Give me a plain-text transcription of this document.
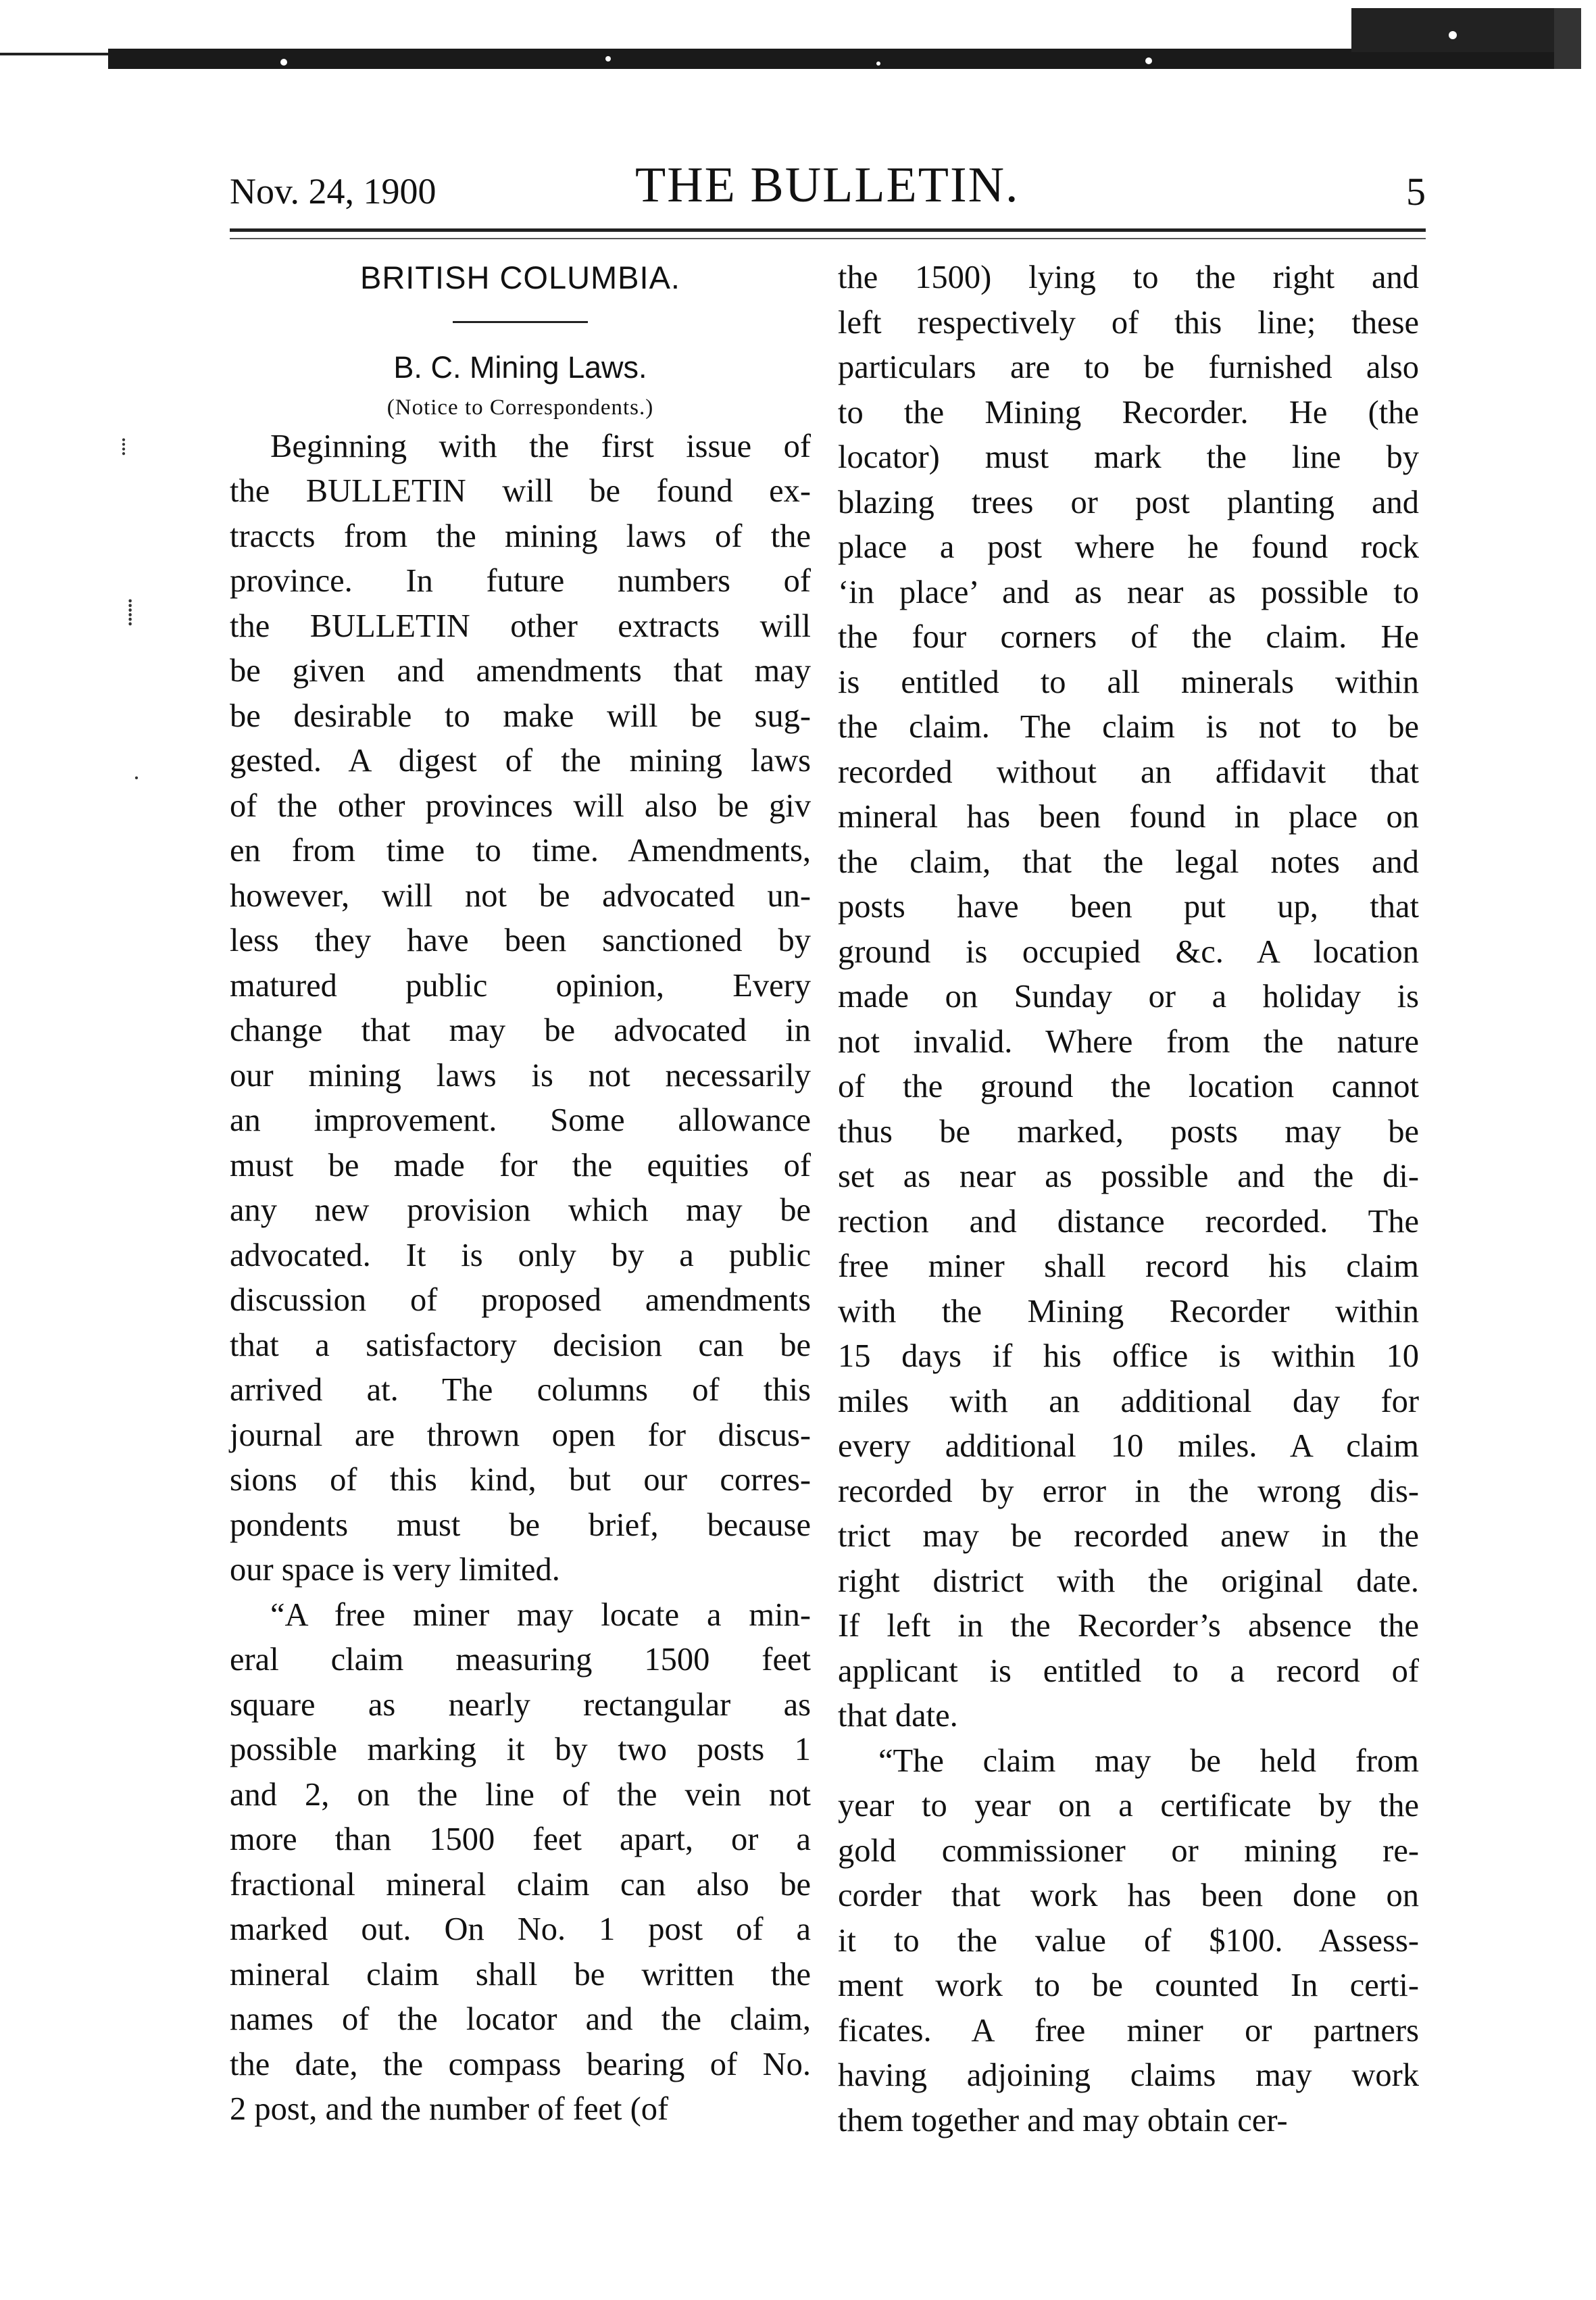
Nov. 24, 1900	THE BULLETIN.	5
⁞
⸽
·
BRITISH COLUMBIA.
B. C. Mining Laws.
(Notice to Correspondents.)
Beginning with the first issue of
the BULLETIN will be found ex-
traccts from the mining laws of the
province. In future numbers of
the BULLETIN other extracts will
be given and amendments that may
be desirable to make will be sug-
gested. A digest of the mining laws
of the other provinces will also be giv
en from time to time. Amendments,
however, will not be advocated un-
less they have been sanctioned by
matured public opinion, Every
change that may be advocated in
our mining laws is not necessarily
an improvement. Some allowance
must be made for the equities of
any new provision which may be
advocated. It is only by a public
discussion of proposed amendments
that a satisfactory decision can be
arrived at. The columns of this
journal are thrown open for discus-
sions of this kind, but our corres-
pondents must be brief, because
our space is very limited.
“A free miner may locate a min-
eral claim measuring 1500 feet
square as nearly rectangular as
possible marking it by two posts 1
and 2, on the line of the vein not
more than 1500 feet apart, or a
fractional mineral claim can also be
marked out. On No. 1 post of a
mineral claim shall be written the
names of the locator and the claim,
the date, the compass bearing of No.
2 post, and the number of feet (of
the 1500) lying to the right and
left respectively of this line; these
particulars are to be furnished also
to the Mining Recorder. He (the
locator) must mark the line by
blazing trees or post planting and
place a post where he found rock
‘in place’ and as near as possible to
the four corners of the claim. He
is entitled to all minerals within
the claim. The claim is not to be
recorded without an affidavit that
mineral has been found in place on
the claim, that the legal notes and
posts have been put up, that
ground is occupied &c. A location
made on Sunday or a holiday is
not invalid. Where from the nature
of the ground the location cannot
thus be marked, posts may be
set as near as possible and the di-
rection and distance recorded. The
free miner shall record his claim
with the Mining Recorder within
15 days if his office is within 10
miles with an additional day for
every additional 10 miles. A claim
recorded by error in the wrong dis-
trict may be recorded anew in the
right district with the original date.
If left in the Recorder’s absence the
applicant is entitled to a record of
that date.
“The claim may be held from
year to year on a certificate by the
gold commissioner or mining re-
corder that work has been done on
it to the value of $100. Assess-
ment work to be counted In certi-
ficates. A free miner or partners
having adjoining claims may work
them together and may obtain cer-
